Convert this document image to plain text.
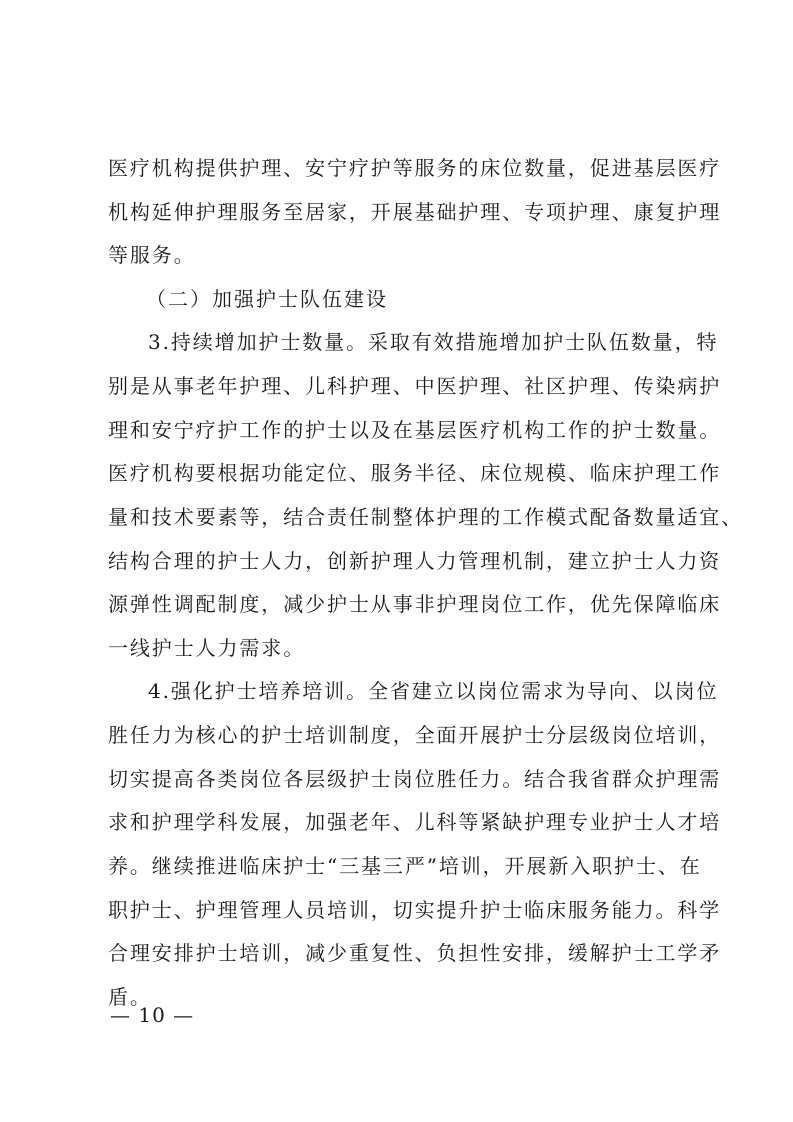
医疗机构提供护理、安宁疗护等服务的床位数量，促进基层医疗
机构延伸护理服务至居家，开展基础护理、专项护理、康复护理
等服务。
（二）加强护士队伍建设
3.持续增加护士数量。采取有效措施增加护士队伍数量，特
别是从事老年护理、儿科护理、中医护理、社区护理、传染病护
理和安宁疗护工作的护士以及在基层医疗机构工作的护士数量。
医疗机构要根据功能定位、服务半径、床位规模、临床护理工作
量和技术要素等，结合责任制整体护理的工作模式配备数量适宜、
结构合理的护士人力，创新护理人力管理机制，建立护士人力资
源弹性调配制度，减少护士从事非护理岗位工作，优先保障临床
一线护士人力需求。
4.强化护士培养培训。全省建立以岗位需求为导向、以岗位
胜任力为核心的护士培训制度，全面开展护士分层级岗位培训，
切实提高各类岗位各层级护士岗位胜任力。结合我省群众护理需
求和护理学科发展，加强老年、儿科等紧缺护理专业护士人才培
养。继续推进临床护士“三基三严”培训，开展新入职护士、在
职护士、护理管理人员培训，切实提升护士临床服务能力。科学
合理安排护士培训，减少重复性、负担性安排，缓解护士工学矛
盾。
— 10 —
